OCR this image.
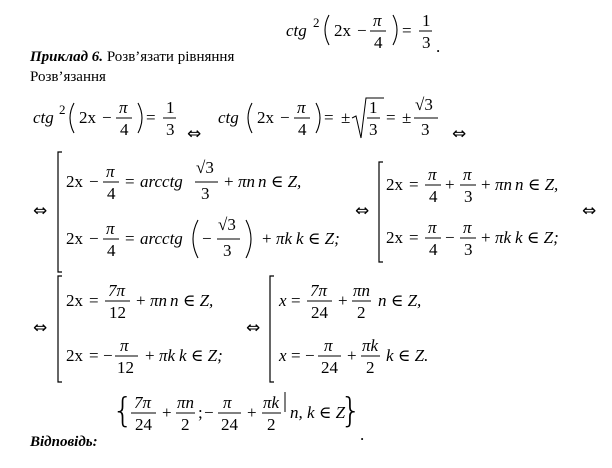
Приклад 6. Розв’язати рівняння
Розв’язання
Відповідь:
ctg 2 2x −
π
4
=
1
3 .
ctg 2 2x −
π
4
=
1
3 ⇔
ctg 2x −
π
4
= ±
1
3
= ±
√3
3 ⇔
⇔
2x −
π
4
= arcctg
√3
3
+ πn n ∈ Z,
2x −
π
4
= arcctg −
√3
3
+ πk k ∈ Z;
⇔
2x =
π
4
+
π
3
+ πn n ∈ Z,
2x =
π
4
−
π
3
+ πk k ∈ Z;
⇔
⇔
2x =
7π
12
+ πn n ∈ Z,
2x = −
π
12
+ πk k ∈ Z;
⇔
x =
7π
24
+
πn
2
n ∈ Z,
x = −
π
24
+
πk
2
k ∈ Z.
{ 7π
24
+
πn
2
; −
π
24
+
πk
2
n, k ∈ Z
}
.
